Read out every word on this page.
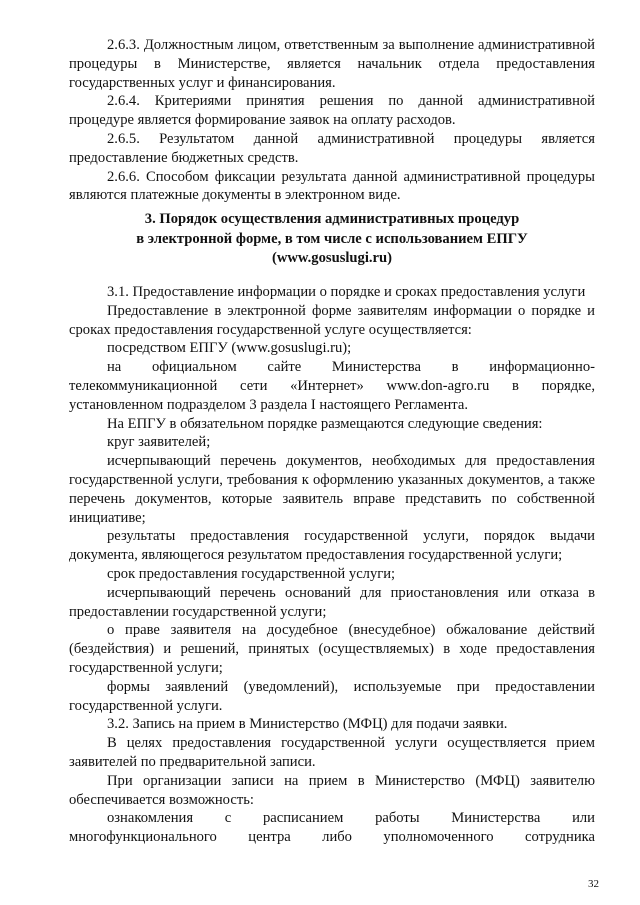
2.6.3. Должностным лицом, ответственным за выполнение административной процедуры в Министерстве, является начальник отдела предоставления государственных услуг и финансирования.

2.6.4. Критериями принятия решения по данной административной процедуре является формирование заявок на оплату расходов.

2.6.5. Результатом данной административной процедуры является предоставление бюджетных средств.

2.6.6. Способом фиксации результата данной административной процедуры являются платежные документы в электронном виде.

3. Порядок осуществления административных процедур
в электронной форме, в том числе с использованием ЕПГУ
(www.gosuslugi.ru)

3.1. Предоставление информации о порядке и сроках предоставления услуги

Предоставление в электронной форме заявителям информации о порядке и сроках предоставления государственной услуге осуществляется:

посредством ЕПГУ (www.gosuslugi.ru);

на официальном сайте Министерства в информационно-телекоммуникационной сети «Интернет» www.don-agro.ru в порядке, установленном подразделом 3 раздела I настоящего Регламента.

На ЕПГУ в обязательном порядке размещаются следующие сведения:

круг заявителей;

исчерпывающий перечень документов, необходимых для предоставления государственной услуги, требования к оформлению указанных документов, а также перечень документов, которые заявитель вправе представить по собственной инициативе;

результаты предоставления государственной услуги, порядок выдачи документа, являющегося результатом предоставления государственной услуги;

срок предоставления государственной услуги;

исчерпывающий перечень оснований для приостановления или отказа в предоставлении государственной услуги;

о праве заявителя на досудебное (внесудебное) обжалование действий (бездействия) и решений, принятых (осуществляемых) в ходе предоставления государственной услуги;

формы заявлений (уведомлений), используемые при предоставлении государственной услуги.

3.2. Запись на прием в Министерство (МФЦ) для подачи заявки.

В целях предоставления государственной услуги осуществляется прием заявителей по предварительной записи.

При организации записи на прием в Министерство (МФЦ) заявителю обеспечивается возможность:

ознакомления с расписанием работы Министерства или многофункционального центра либо уполномоченного сотрудника

32
